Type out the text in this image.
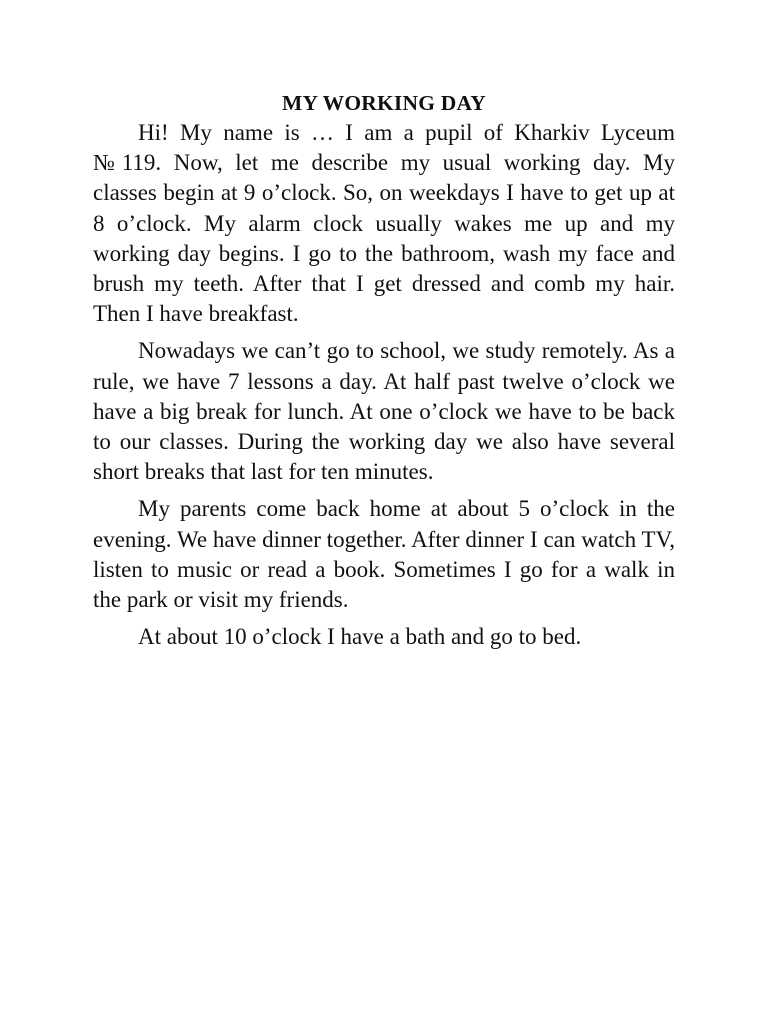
MY WORKING DAY

Hi! My name is … I am a pupil of Kharkiv Lyceum №119. Now, let me describe my usual working day. My classes begin at 9 o’clock. So, on weekdays I have to get up at 8 o’clock. My alarm clock usually wakes me up and my working day begins. I go to the bathroom, wash my face and brush my teeth. After that I get dressed and comb my hair. Then I have breakfast.

Nowadays we can’t go to school, we study remotely. As a rule, we have 7 lessons a day. At half past twelve o’clock we have a big break for lunch. At one o’clock we have to be back to our classes. During the working day we also have several short breaks that last for ten minutes.

My parents come back home at about 5 o’clock in the evening. We have dinner together. After dinner I can watch TV, listen to music or read a book. Sometimes I go for a walk in the park or visit my friends.

At about 10 o’clock I have a bath and go to bed.
